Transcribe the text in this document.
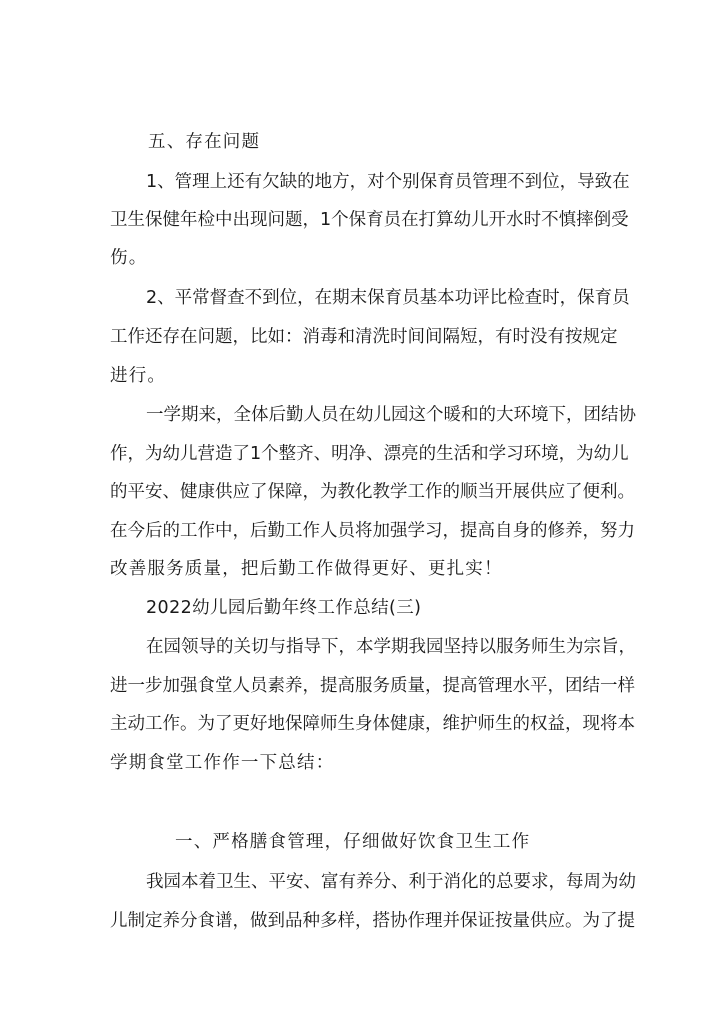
五、存在问题
1、管理上还有欠缺的地方，对个别保育员管理不到位，导致在
卫生保健年检中出现问题，1个保育员在打算幼儿开水时不慎摔倒受
伤。
2、平常督查不到位，在期末保育员基本功评比检查时，保育员
工作还存在问题，比如：消毒和清洗时间间隔短，有时没有按规定
进行。
一学期来，全体后勤人员在幼儿园这个暖和的大环境下，团结协
作，为幼儿营造了1个整齐、明净、漂亮的生活和学习环境，为幼儿
的平安、健康供应了保障，为教化教学工作的顺当开展供应了便利。
在今后的工作中，后勤工作人员将加强学习，提高自身的修养，努力
改善服务质量，把后勤工作做得更好、更扎实！
2022幼儿园后勤年终工作总结(三)
在园领导的关切与指导下，本学期我园坚持以服务师生为宗旨，
进一步加强食堂人员素养，提高服务质量，提高管理水平，团结一样
主动工作。为了更好地保障师生身体健康，维护师生的权益，现将本
学期食堂工作作一下总结：
一、严格膳食管理，仔细做好饮食卫生工作
我园本着卫生、平安、富有养分、利于消化的总要求，每周为幼
儿制定养分食谱，做到品种多样，搭协作理并保证按量供应。为了提
